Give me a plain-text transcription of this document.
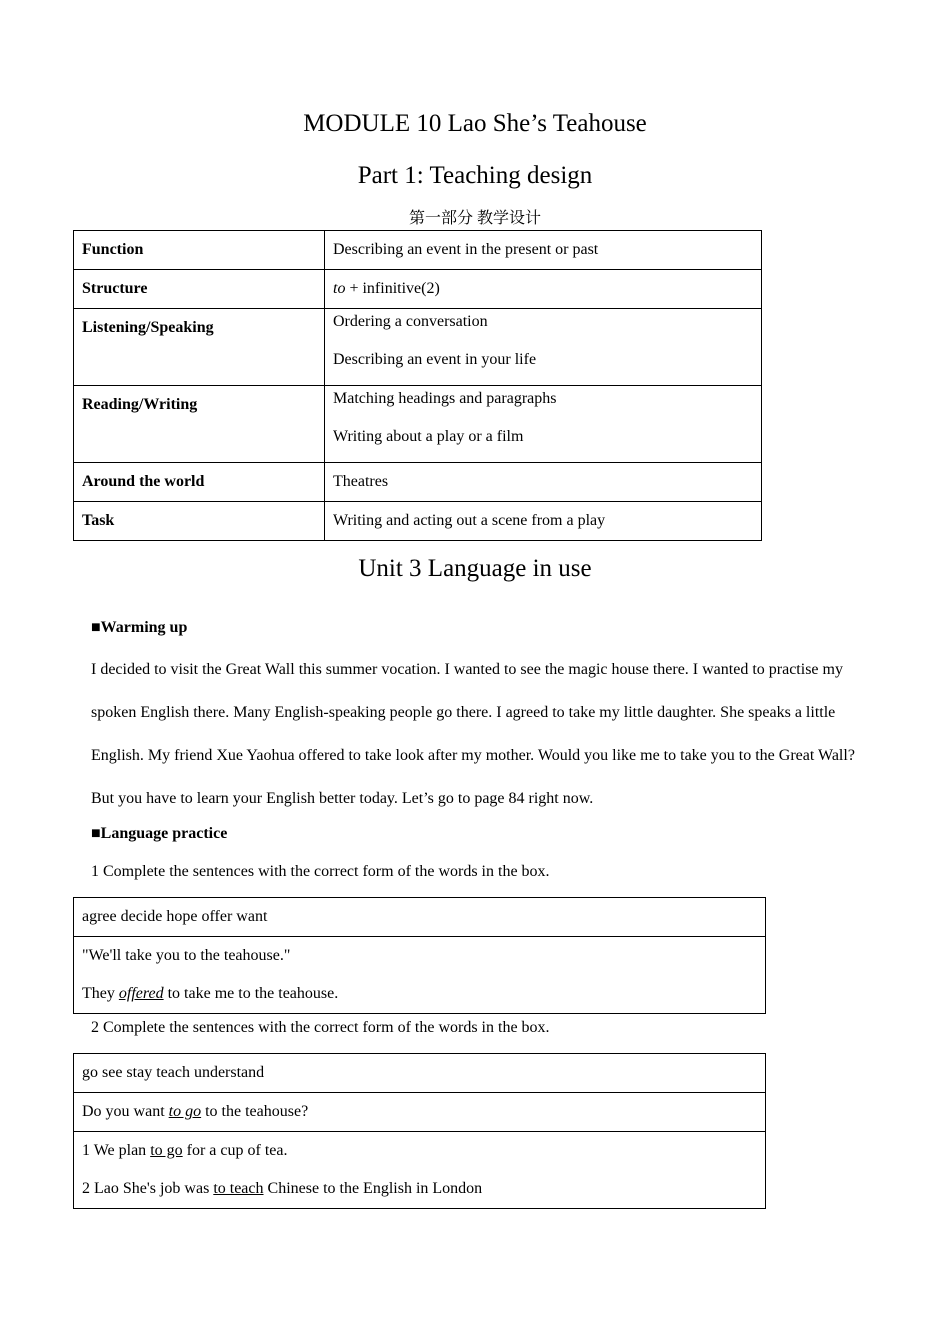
MODULE 10 Lao She’s Teahouse
Part 1: Teaching design
第一部分 教学设计
Function	Describing an event in the present or past
Structure	to + infinitive(2)
Listening/Speaking	Ordering a conversation
Describing an event in your life

Reading/Writing	Matching headings and paragraphs
Writing about a play or a film

Around the world	Theatres
Task	Writing and acting out a scene from a play
Unit 3 Language in use
■Warming up
I decided to visit the Great Wall this summer vocation. I wanted to see the magic house there. I wanted to practise my spoken English there. Many English-speaking people go there. I agreed to take my little daughter. She speaks a little English. My friend Xue Yaohua offered to take look after my mother. Would you like me to take you to the Great Wall? But you have to learn your English better today. Let’s go to page 84 right now.
■Language practice
1 Complete the sentences with the correct form of the words in the box.
agree decide hope offer want

"We'll take you to the teahouse."
They offered to take me to the teahouse.
2 Complete the sentences with the correct form of the words in the box.
go see stay teach understand
Do you want to go to the teahouse?

1 We plan to go for a cup of tea.
2 Lao She's job was to teach Chinese to the English in London
